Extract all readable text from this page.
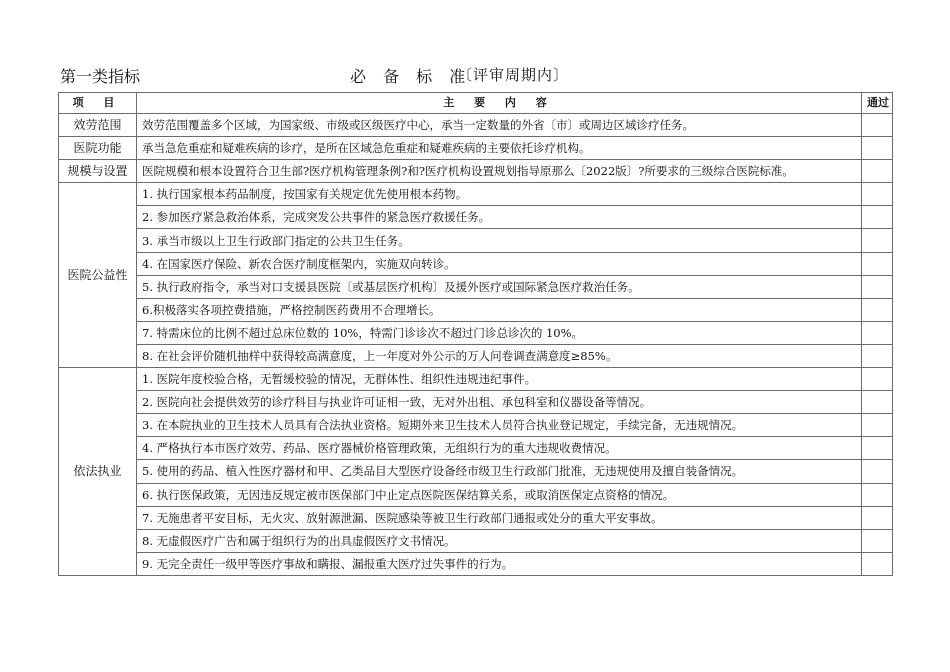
第一类指标	必 备 标 准
〔评审周期内〕
项 目	主 要 内 容	通过
效劳范围	效劳范围覆盖多个区域，为国家级、市级或区级医疗中心，承当一定数量的外省〔市〕或周边区域诊疗任务。	
医院功能	承当急危重症和疑难疾病的诊疗，是所在区域急危重症和疑难疾病的主要依托诊疗机构。	
规模与设置	医院规模和根本设置符合卫生部?医疗机构管理条例?和?医疗机构设置规划指导原那么〔2022版〕?所要求的三级综合医院标准。	
医院公益性	1. 执行国家根本药品制度，按国家有关规定优先使用根本药物。	
	2. 参加医疗紧急救治体系，完成突发公共事件的紧急医疗救援任务。	
	3. 承当市级以上卫生行政部门指定的公共卫生任务。	
	4. 在国家医疗保险、新农合医疗制度框架内，实施双向转诊。	
	5. 执行政府指令，承当对口支援县医院〔或基层医疗机构〕及援外医疗或国际紧急医疗救治任务。	
	6.积极落实各项控费措施，严格控制医药费用不合理增长。	
	7. 特需床位的比例不超过总床位数的 10%，特需门诊诊次不超过门诊总诊次的 10%。	
	8. 在社会评价随机抽样中获得较高满意度，上一年度对外公示的万人问卷调查满意度≥85%。	
依法执业	1. 医院年度校验合格，无暂缓校验的情况，无群体性、组织性违规违纪事件。	
	2. 医院向社会提供效劳的诊疗科目与执业许可证相一致，无对外出租、承包科室和仪器设备等情况。	
	3. 在本院执业的卫生技术人员具有合法执业资格。短期外来卫生技术人员符合执业登记规定，手续完备，无违规情况。	
	4. 严格执行本市医疗效劳、药品、医疗器械价格管理政策，无组织行为的重大违规收费情况。	
	5. 使用的药品、植入性医疗器材和甲、乙类品目大型医疗设备经市级卫生行政部门批准，无违规使用及擅自装备情况。	
	6. 执行医保政策，无因违反规定被市医保部门中止定点医院医保结算关系，或取消医保定点资格的情况。	
	7. 无施患者平安目标，无火灾、放射源泄漏、医院感染等被卫生行政部门通报或处分的重大平安事故。	
	8. 无虚假医疗广告和属于组织行为的出具虚假医疗文书情况。	
	9. 无完全责任一级甲等医疗事故和瞒报、漏报重大医疗过失事件的行为。	
